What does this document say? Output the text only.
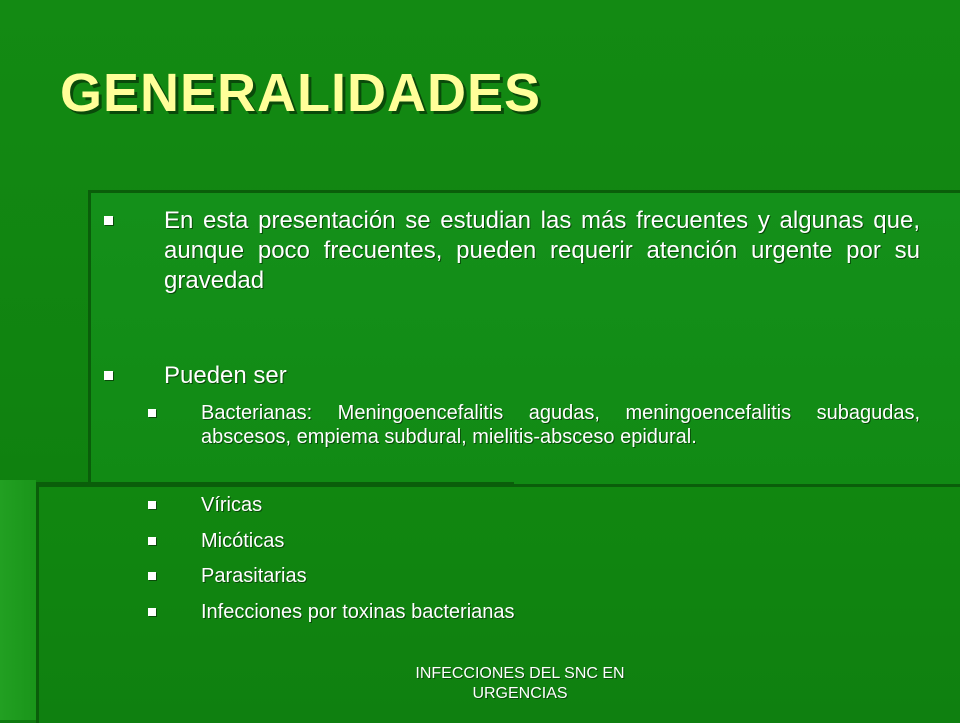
GENERALIDADES
En esta presentación se estudian las más frecuentes y algunas que, aunque poco frecuentes, pueden requerir atención urgente por su gravedad
Pueden ser
Bacterianas: Meningoencefalitis agudas, meningoencefalitis subagudas, abscesos, empiema subdural, mielitis-absceso epidural.
Víricas
Micóticas
Parasitarias
Infecciones por toxinas bacterianas
INFECCIONES DEL SNC EN
URGENCIAS
